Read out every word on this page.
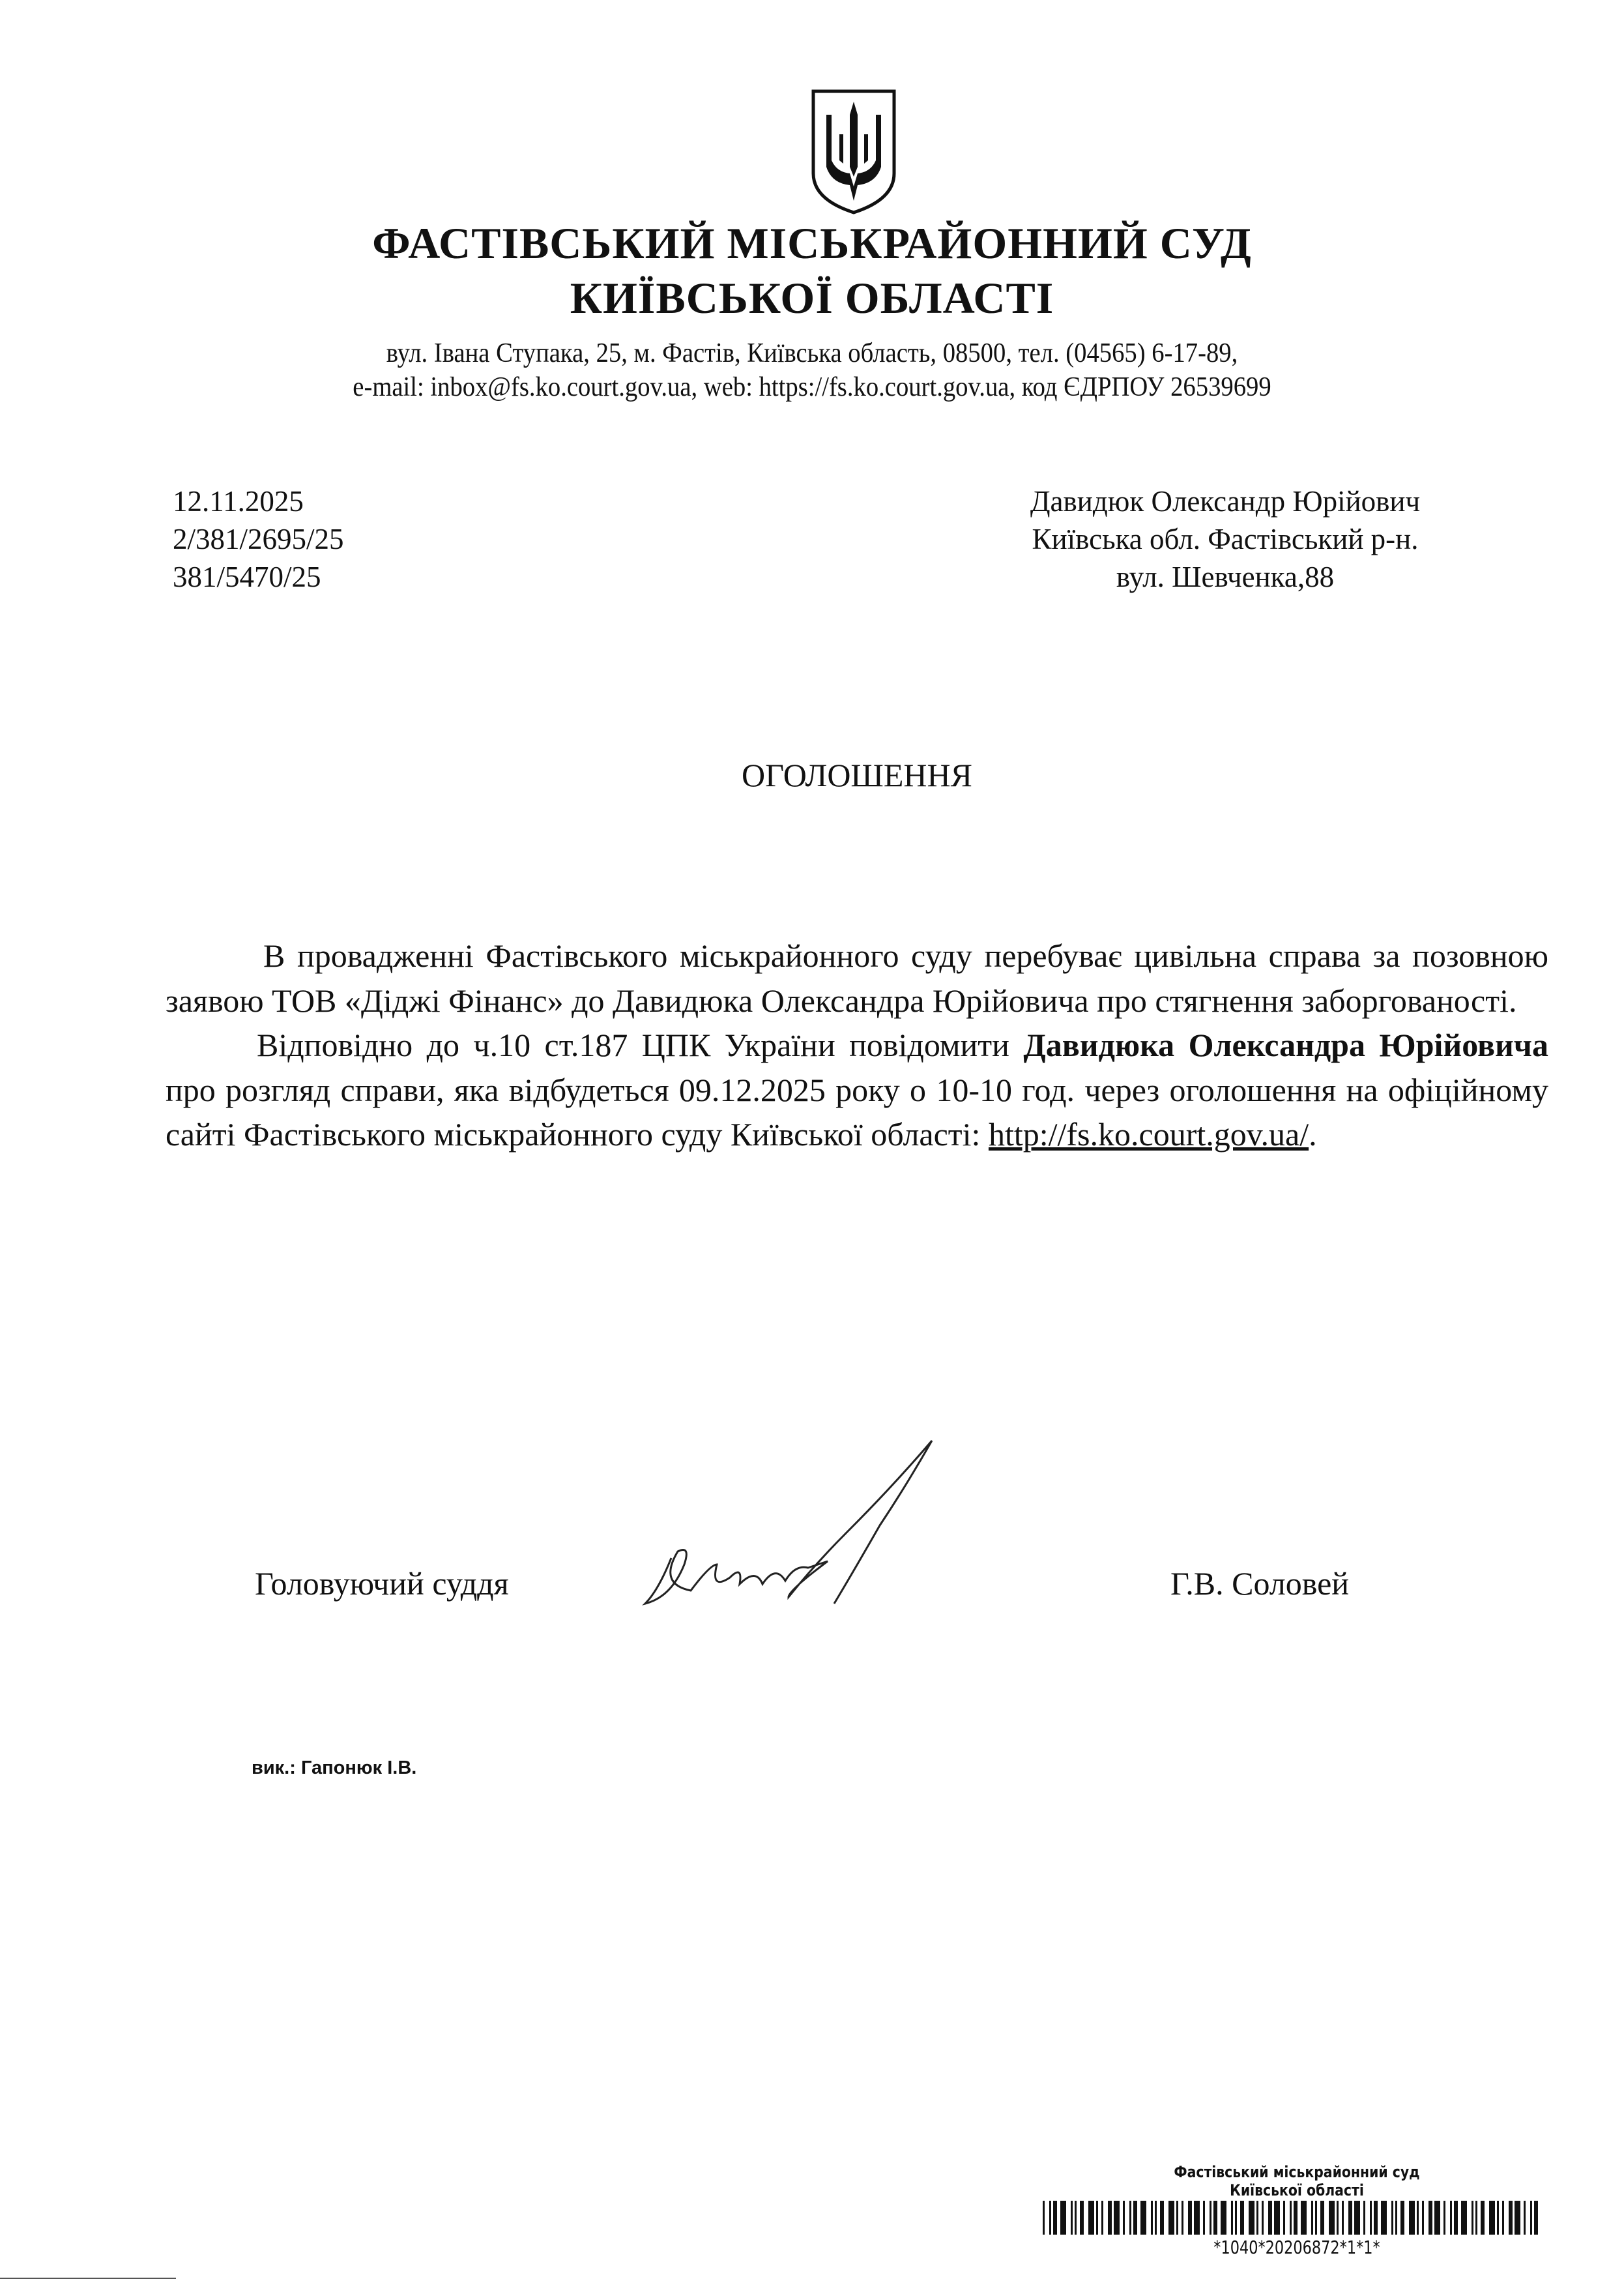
ФАСТІВСЬКИЙ МІСЬКРАЙОННИЙ СУД
КИЇВСЬКОЇ ОБЛАСТІ
вул. Івана Ступака, 25, м. Фастів, Київська область, 08500, тел. (04565) 6-17-89,
e-mail: inbox@fs.ko.court.gov.ua, web: https://fs.ko.court.gov.ua, код ЄДРПОУ 26539699
12.11.2025
2/381/2695/25
381/5470/25
Давидюк Олександр Юрійович
Київська обл. Фастівський р-н.
вул. Шевченка,88
ОГОЛОШЕННЯ

В провадженні Фастівського міськрайонного суду перебуває цивільна справа за позовною заявою ТОВ «Діджі Фінанс» до Давидюка Олександра Юрійовича про стягнення заборгованості.

Відповідно до ч.10 ст.187 ЦПК України повідомити Давидюка Олександра Юрійовича про розгляд справи, яка відбудеться 09.12.2025 року о 10-10 год. через оголошення на офіційному сайті Фастівського міськрайонного суду Київської області: http://fs.ko.court.gov.ua/.

Головуючий суддя	Г.В. Соловей
вик.: Гапонюк І.В.
Фастівський міськрайонний суд
Київської області
*1040*20206872*1*1*
